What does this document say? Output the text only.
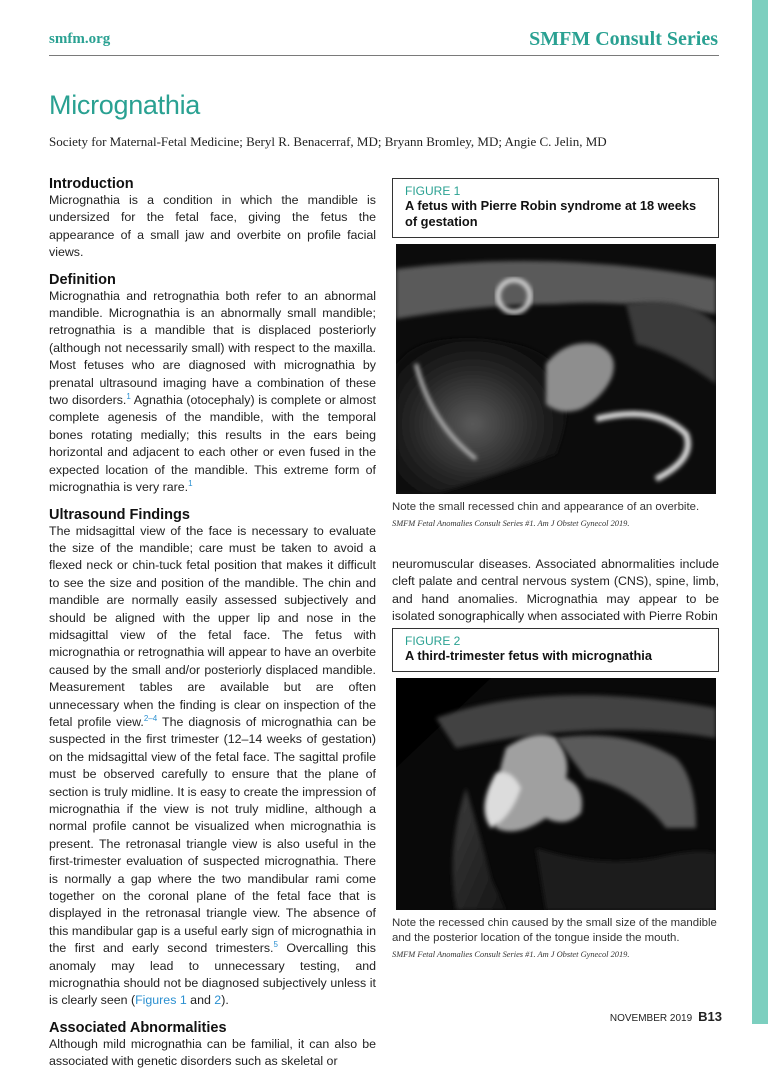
smfm.org	SMFM Consult Series
Micrognathia
Society for Maternal-Fetal Medicine; Beryl R. Benacerraf, MD; Bryann Bromley, MD; Angie C. Jelin, MD
Introduction

Micrognathia is a condition in which the mandible is undersized for the fetal face, giving the fetus the appearance of a small jaw and overbite on profile facial views.

Definition

Micrognathia and retrognathia both refer to an abnormal mandible. Micrognathia is an abnormally small mandible; retrognathia is a mandible that is displaced posteriorly (although not necessarily small) with respect to the maxilla. Most fetuses who are diagnosed with micrognathia by prenatal ultrasound imaging have a combination of these two disorders.$^1$ Agnathia (otocephaly) is complete or almost complete agenesis of the mandible, with the temporal bones rotating medially; this results in the ears being horizontal and adjacent to each other or even fused in the expected location of the mandible. This extreme form of micrognathia is very rare.$^1$

Ultrasound Findings

The midsagittal view of the face is necessary to evaluate the size of the mandible; care must be taken to avoid a flexed neck or chin-tuck fetal position that makes it difficult to see the size and position of the mandible. The chin and mandible are normally easily assessed subjectively and should be aligned with the upper lip and nose in the midsagittal view of the fetal face. The fetus with micrognathia or retrognathia will appear to have an overbite caused by the small and/or posteriorly displaced mandible. Measurement tables are available but are often unnecessary when the finding is clear on inspection of the fetal profile view.$^{2-4}$ The diagnosis of micrognathia can be suspected in the first trimester (12–14 weeks of gestation) on the midsagittal view of the fetal face. The sagittal profile must be observed carefully to ensure that the plane of section is truly midline. It is easy to create the impression of micrognathia if the view is not truly midline, although a normal profile cannot be visualized when micrognathia is present. The retronasal triangle view is also useful in the first-trimester evaluation of suspected micrognathia. There is normally a gap where the two mandibular rami come together on the coronal plane of the fetal face that is displayed in the retronasal triangle view. The absence of this mandibular gap is a useful early sign of micrognathia in the first and early second trimesters.$^5$ Overcalling this anomaly may lead to unnecessary testing, and micrognathia should not be diagnosed subjectively unless it is clearly seen (Figures 1 and 2).

Associated Abnormalities

Although mild micrognathia can be familial, it can also be associated with genetic disorders such as skeletal or

FIGURE 1
A fetus with Pierre Robin syndrome at 18 weeks of gestation
Note the small recessed chin and appearance of an overbite.
SMFM Fetal Anomalies Consult Series #1. Am J Obstet Gynecol 2019.

neuromuscular diseases. Associated abnormalities include cleft palate and central nervous system (CNS), spine, limb, and hand anomalies. Micrognathia may appear to be isolated sonographically when associated with Pierre Robin

FIGURE 2
A third-trimester fetus with micrognathia
Note the recessed chin caused by the small size of the mandible and the posterior location of the tongue inside the mouth.
SMFM Fetal Anomalies Consult Series #1. Am J Obstet Gynecol 2019.
NOVEMBER 2019 B13
